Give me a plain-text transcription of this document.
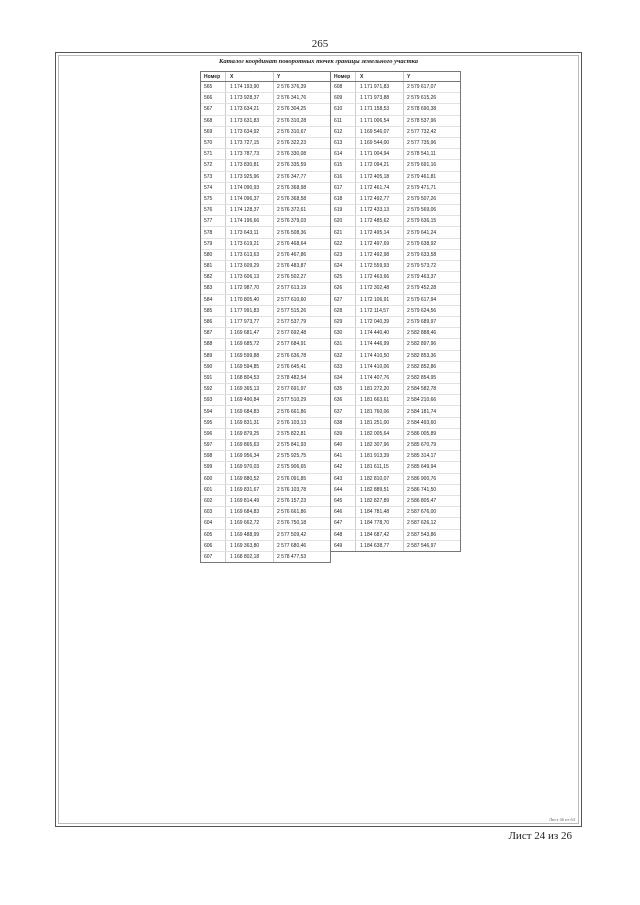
265
Каталог координат поворотных точек границы земельного участка
Номер	X	Y
565	1 174 193,90	2 576 376,39
566	1 173 928,37	2 576 341,76
567	1 173 634,21	2 576 304,25
568	1 173 631,83	2 576 310,28
569	1 173 634,92	2 576 310,67
570	1 173 727,15	2 576 322,23
571	1 173 787,73	2 576 330,08
572	1 173 830,81	2 576 335,59
573	1 173 925,96	2 576 347,77
574	1 174 090,93	2 576 368,98
575	1 174 096,37	2 576 368,58
576	1 174 128,37	2 576 372,61
577	1 174 196,66	2 576 379,03
578	1 173 643,11	2 576 508,36
579	1 173 619,21	2 576 468,64
580	1 173 613,63	2 576 467,86
581	1 173 609,29	2 576 483,87
582	1 173 606,13	2 576 502,27
583	1 172 987,70	2 577 613,19
584	1 170 805,40	2 577 610,60
585	1 177 991,83	2 577 515,26
586	1 177 973,77	2 577 537,79
587	1 169 681,47	2 577 692,48
588	1 169 685,72	2 577 684,91
589	1 169 599,88	2 576 636,78
590	1 169 594,85	2 576 645,41
591	1 168 804,53	2 578 482,54
592	1 169 365,13	2 577 691,97
593	1 169 490,84	2 577 510,29
594	1 169 684,83	2 576 661,86
595	1 169 831,31	2 576 103,13
596	1 169 879,25	2 575 822,81
597	1 169 865,63	2 575 841,93
598	1 169 956,34	2 575 925,75
599	1 169 970,03	2 575 906,65
600	1 169 880,52	2 576 091,85
601	1 169 831,67	2 576 103,78
602	1 169 814,49	2 576 157,23
603	1 169 684,83	2 576 661,86
604	1 169 662,72	2 576 750,18
605	1 169 488,99	2 577 509,42
606	1 169 363,80	2 577 680,46
607	1 168 802,18	2 578 477,53
Номер	X	Y
608	1 171 971,83	2 579 617,07
609	1 171 973,88	2 579 615,26
610	1 171 158,53	2 578 690,38
611	1 171 006,54	2 578 537,96
612	1 169 546,07	2 577 732,42
613	1 169 544,00	2 577 735,96
614	1 171 004,94	2 578 541,11
615	1 172 094,21	2 579 691,16
616	1 172 405,18	2 579 461,81
617	1 172 461,74	2 579 471,71
618	1 172 492,77	2 579 507,26
619	1 172 433,13	2 579 569,06
620	1 172 485,62	2 579 636,15
621	1 172 495,14	2 579 641,24
622	1 172 497,69	2 579 638,92
623	1 172 492,98	2 579 633,58
624	1 172 559,93	2 579 573,72
625	1 172 463,66	2 579 463,37
626	1 172 302,48	2 579 452,28
627	1 172 106,91	2 579 617,94
628	1 172 114,57	2 579 624,56
629	1 172 040,39	2 579 689,97
630	1 174 440,40	2 582 888,46
631	1 174 446,99	2 582 897,96
632	1 174 410,50	2 582 853,36
633	1 174 410,06	2 582 852,86
634	1 174 407,76	2 582 854,95
635	1 181 272,20	2 584 582,78
636	1 181 663,61	2 584 210,66
637	1 181 760,06	2 584 181,74
638	1 181 251,00	2 584 493,60
639	1 182 005,64	2 586 005,89
640	1 182 307,96	2 585 670,79
641	1 181 913,39	2 585 314,17
642	1 181 611,15	2 585 649,94
643	1 182 810,07	2 586 900,76
644	1 182 889,51	2 586 741,50
645	1 182 827,89	2 586 805,47
646	1 184 781,48	2 587 676,00
647	1 184 778,70	2 587 626,12
648	1 184 687,42	2 587 543,86
649	1 184 638,77	2 587 546,97
Лист 46 из 63
Лист 24 из 26
